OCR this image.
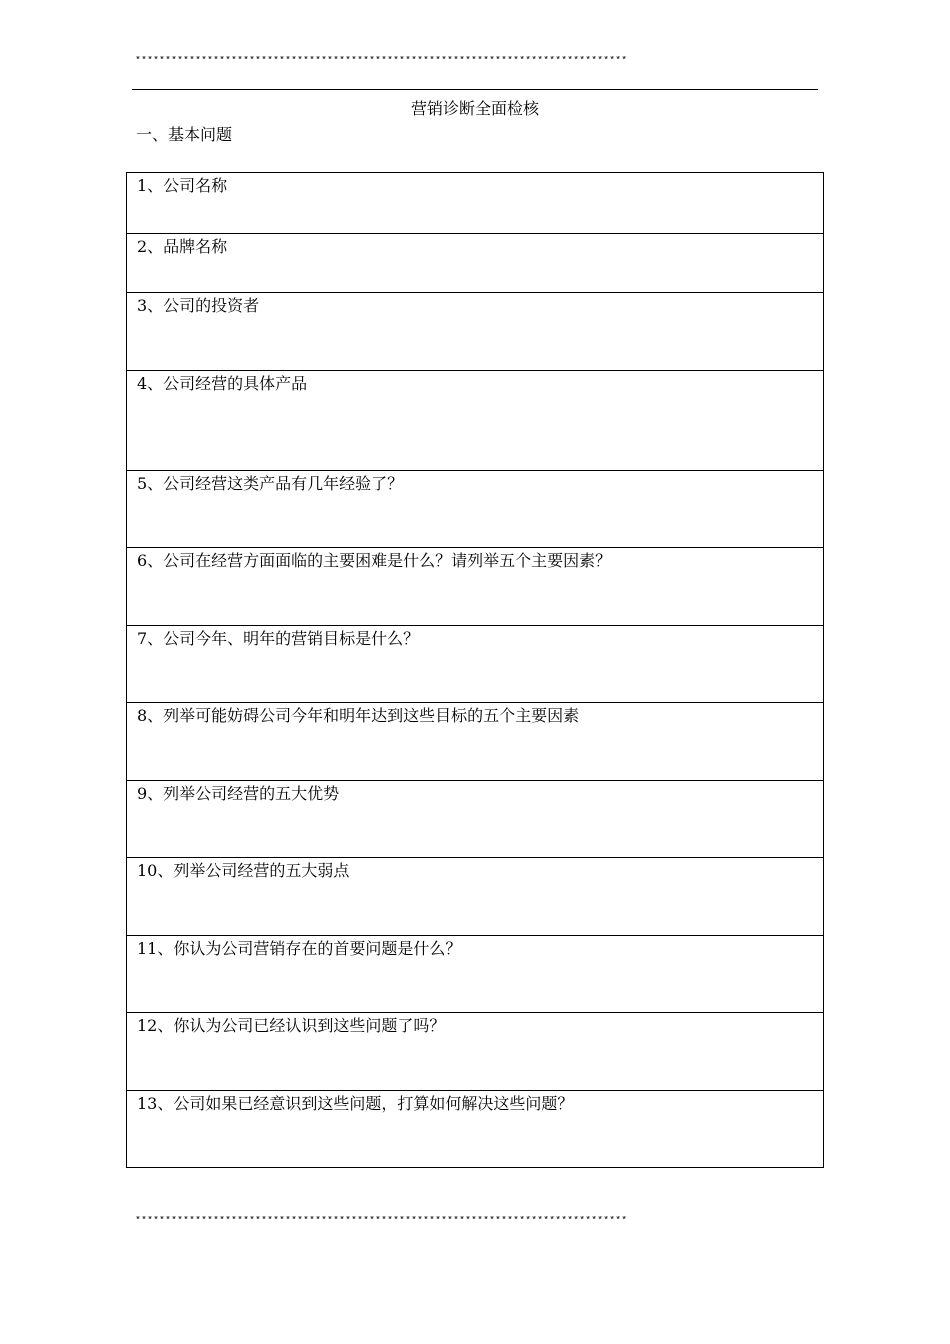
**********************************************************************************
营销诊断全面检核
一、基本问题
1、公司名称
2、品牌名称
3、公司的投资者
4、公司经营的具体产品
5、公司经营这类产品有几年经验了？
6、公司在经营方面面临的主要困难是什么？请列举五个主要因素？
7、公司今年、明年的营销目标是什么？
8、列举可能妨碍公司今年和明年达到这些目标的五个主要因素
9、列举公司经营的五大优势
10、列举公司经营的五大弱点
11、你认为公司营销存在的首要问题是什么？
12、你认为公司已经认识到这些问题了吗？
13、公司如果已经意识到这些问题，打算如何解决这些问题？
**********************************************************************************
